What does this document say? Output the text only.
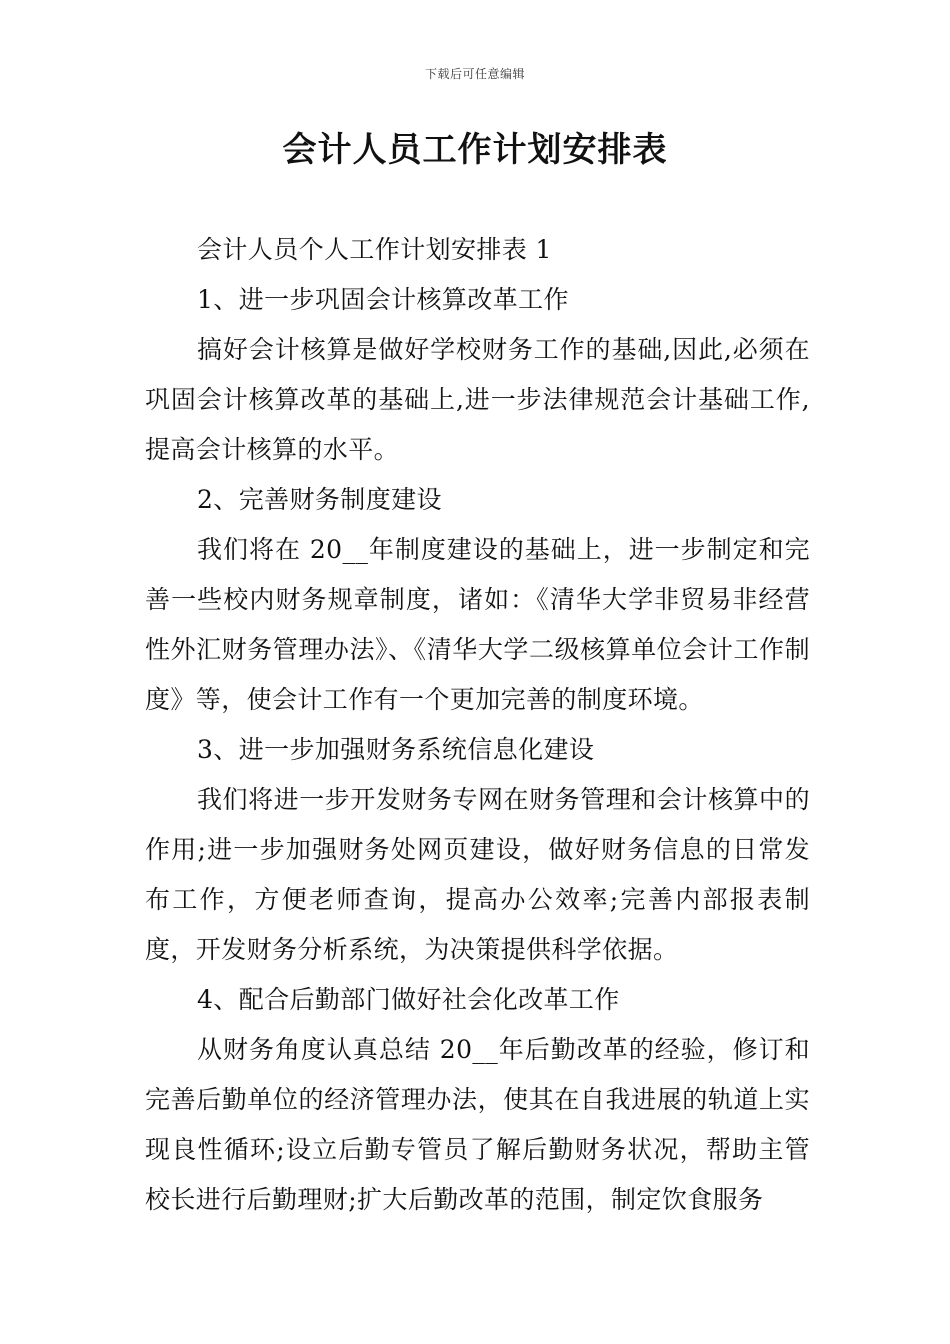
下载后可任意编辑
会计人员工作计划安排表

会计人员个人工作计划安排表 1

1、进一步巩固会计核算改革工作

搞好会计核算是做好学校财务工作的基础,因此,必须在巩固会计核算改革的基础上,进一步法律规范会计基础工作,提高会计核算的水平。

2、完善财务制度建设

我们将在 20__年制度建设的基础上，进一步制定和完善一些校内财务规章制度，诸如：《清华大学非贸易非经营性外汇财务管理办法》、《清华大学二级核算单位会计工作制度》等，使会计工作有一个更加完善的制度环境。

3、进一步加强财务系统信息化建设

我们将进一步开发财务专网在财务管理和会计核算中的作用;进一步加强财务处网页建设，做好财务信息的日常发布工作，方便老师查询，提高办公效率;完善内部报表制度，开发财务分析系统，为决策提供科学依据。

4、配合后勤部门做好社会化改革工作

从财务角度认真总结 20__年后勤改革的经验，修订和完善后勤单位的经济管理办法，使其在自我进展的轨道上实现良性循环;设立后勤专管员了解后勤财务状况，帮助主管校长进行后勤理财;扩大后勤改革的范围，制定饮食服务
